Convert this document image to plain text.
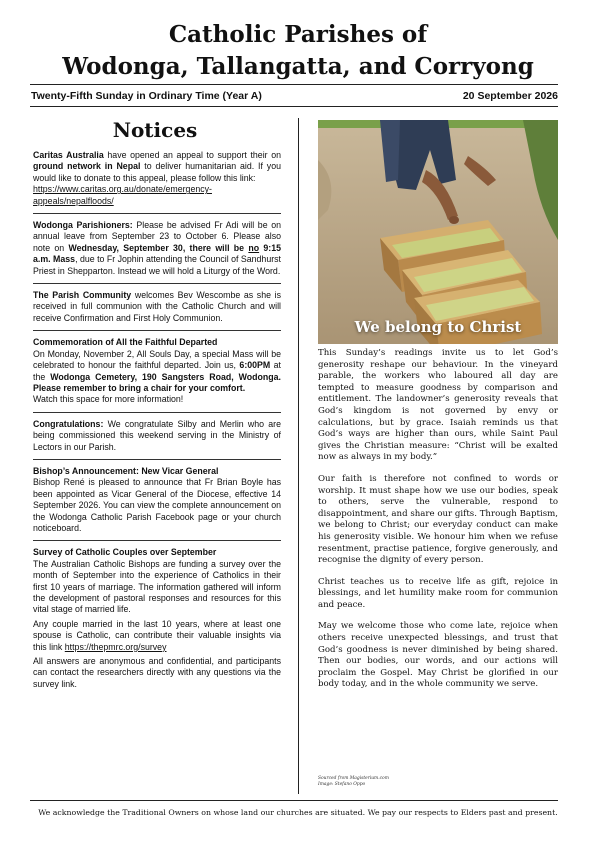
Catholic Parishes of
Wodonga, Tallangatta, and Corryong
Twenty-Fifth Sunday in Ordinary Time (Year A)	20 September 2026
Notices

Caritas Australia have opened an appeal to support their on ground network in Nepal to deliver humanitarian aid. If you would like to donate to this appeal, please follow this link:
https://www.caritas.org.au/donate/emergency-appeals/nepalfloods/

Wodonga Parishioners: Please be advised Fr Adi will be on annual leave from September 23 to October 6. Please also note on Wednesday, September 30, there will be no 9:15 a.m. Mass, due to Fr Jophin attending the Council of Sandhurst Priest in Shepparton. Instead we will hold a Liturgy of the Word.

The Parish Community welcomes Bev Wescombe as she is received in full communion with the Catholic Church and will receive Confirmation and First Holy Communion.

Commemoration of All the Faithful Departed
On Monday, November 2, All Souls Day, a special Mass will be celebrated to honour the faithful departed. Join us, 6:00PM at the Wodonga Cemetery, 190 Sangsters Road, Wodonga. Please remember to bring a chair for your comfort.

Watch this space for more information!

Congratulations: We congratulate Silby and Merlin who are being commissioned this weekend serving in the Ministry of Lectors in our Parish.

Bishop’s Announcement: New Vicar General
Bishop René is pleased to announce that Fr Brian Boyle has been appointed as Vicar General of the Diocese, effective 14 September 2026. You can view the complete announcement on the Wodonga Catholic Parish Facebook page or your church noticeboard.

Survey of Catholic Couples over September
The Australian Catholic Bishops are funding a survey over the month of September into the experience of Catholics in their first 10 years of marriage. The information gathered will inform the development of pastoral responses and resources for this vital stage of married life.

Any couple married in the last 10 years, where at least one spouse is Catholic, can contribute their valuable insights via this link https://thepmrc.org/survey

All answers are anonymous and confidential, and participants can contact the researchers directly with any questions via the survey link.

We belong to Christ

This Sunday’s readings invite us to let God’s generosity reshape our behaviour. In the vineyard parable, the workers who laboured all day are tempted to measure goodness by comparison and entitlement. The landowner’s generosity reveals that God’s kingdom is not governed by envy or calculations, but by grace. Isaiah reminds us that God’s ways are higher than ours, while Saint Paul gives the Christian measure: “Christ will be exalted now as always in my body.”

Our faith is therefore not confined to words or worship. It must shape how we use our bodies, speak to others, serve the vulnerable, respond to disappointment, and share our gifts. Through Baptism, we belong to Christ; our everyday conduct can make his generosity visible. We honour him when we refuse resentment, practise patience, forgive generously, and recognise the dignity of every person.

Christ teaches us to receive life as gift, rejoice in blessings, and let humility make room for communion and peace.

May we welcome those who come late, rejoice when others receive unexpected blessings, and trust that God’s goodness is never diminished by being shared. Then our bodies, our words, and our actions will proclaim the Gospel. May Christ be glorified in our body today, and in the whole community we serve.

Sourced from Magisterium.com
Image: Stefano Oppo
We acknowledge the Traditional Owners on whose land our churches are situated. We pay our respects to Elders past and present.
